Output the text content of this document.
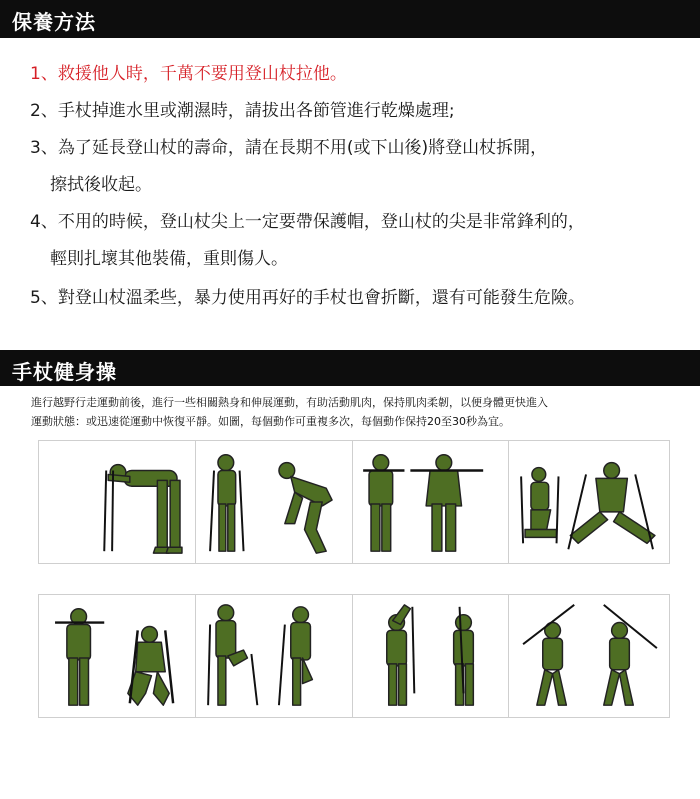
保養方法
1、救援他人時，千萬不要用登山杖拉他。
2、手杖掉進水里或潮濕時，請拔出各節管進行乾燥處理;
3、為了延長登山杖的壽命，請在長期不用(或下山後)將登山杖拆開，
擦拭後收起。
4、不用的時候，登山杖尖上一定要帶保護帽，登山杖的尖是非常鋒利的，
輕則扎壞其他裝備，重則傷人。
5、對登山杖溫柔些，暴力使用再好的手杖也會折斷，還有可能發生危險。
手杖健身操
進行越野行走運動前後，進行一些相關熱身和伸展運動，有助活動肌肉，保持肌肉柔韌，以便身體更快進入
運動狀態：或迅速從運動中恢復平靜。如圖，每個動作可重複多次，每個動作保持20至30秒為宜。
